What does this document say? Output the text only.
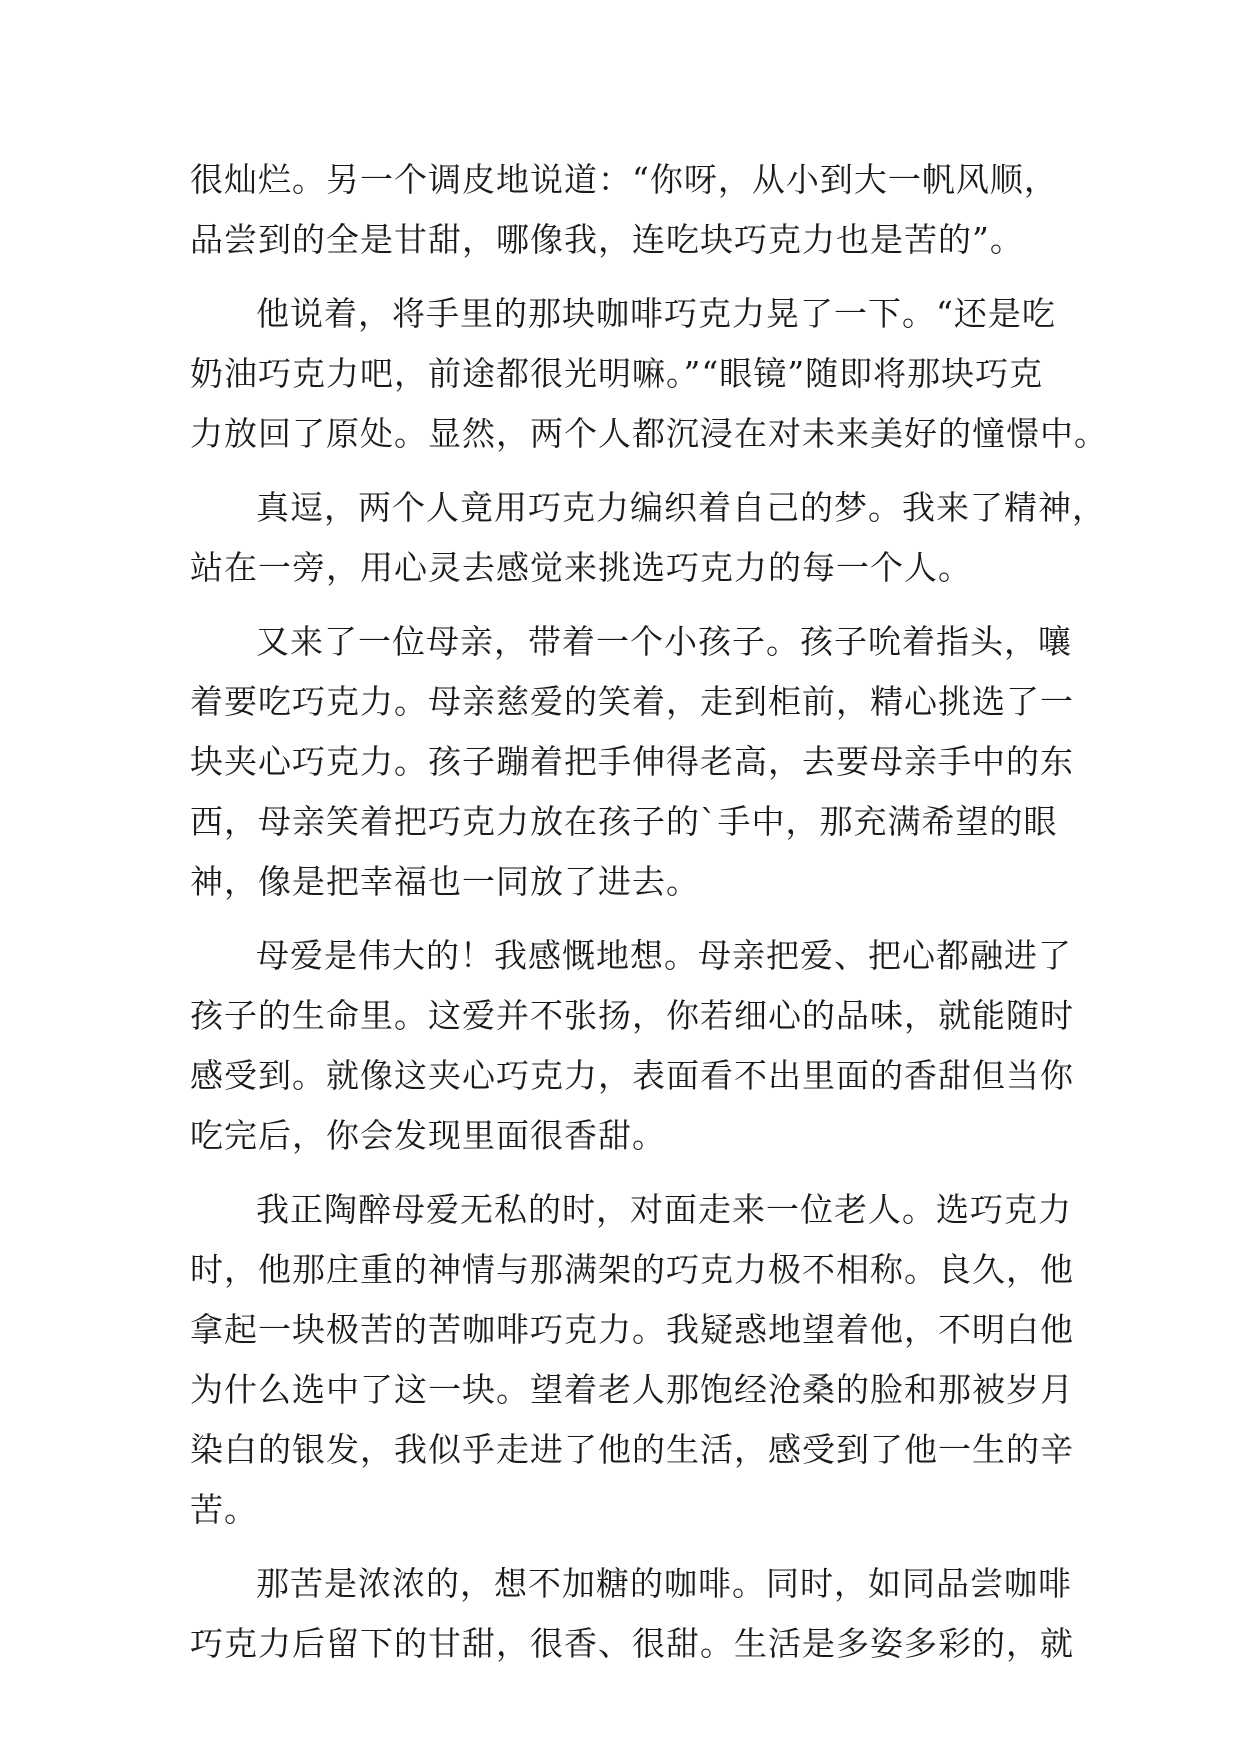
很灿烂。另一个调皮地说道：“你呀，从小到大一帆风顺，
品尝到的全是甘甜，哪像我，连吃块巧克力也是苦的”。
他说着，将手里的那块咖啡巧克力晃了一下。“还是吃
奶油巧克力吧，前途都很光明嘛。”“眼镜”随即将那块巧克
力放回了原处。显然，两个人都沉浸在对未来美好的憧憬中。
真逗，两个人竟用巧克力编织着自己的梦。我来了精神，
站在一旁，用心灵去感觉来挑选巧克力的每一个人。
又来了一位母亲，带着一个小孩子。孩子吮着指头，嚷
着要吃巧克力。母亲慈爱的笑着，走到柜前，精心挑选了一
块夹心巧克力。孩子蹦着把手伸得老高，去要母亲手中的东
西，母亲笑着把巧克力放在孩子的`手中，那充满希望的眼
神，像是把幸福也一同放了进去。
母爱是伟大的！我感慨地想。母亲把爱、把心都融进了
孩子的生命里。这爱并不张扬，你若细心的品味，就能随时
感受到。就像这夹心巧克力，表面看不出里面的香甜但当你
吃完后，你会发现里面很香甜。
我正陶醉母爱无私的时，对面走来一位老人。选巧克力
时，他那庄重的神情与那满架的巧克力极不相称。良久，他
拿起一块极苦的苦咖啡巧克力。我疑惑地望着他，不明白他
为什么选中了这一块。望着老人那饱经沧桑的脸和那被岁月
染白的银发，我似乎走进了他的生活，感受到了他一生的辛
苦。
那苦是浓浓的，想不加糖的咖啡。同时，如同品尝咖啡
巧克力后留下的甘甜，很香、很甜。生活是多姿多彩的，就
